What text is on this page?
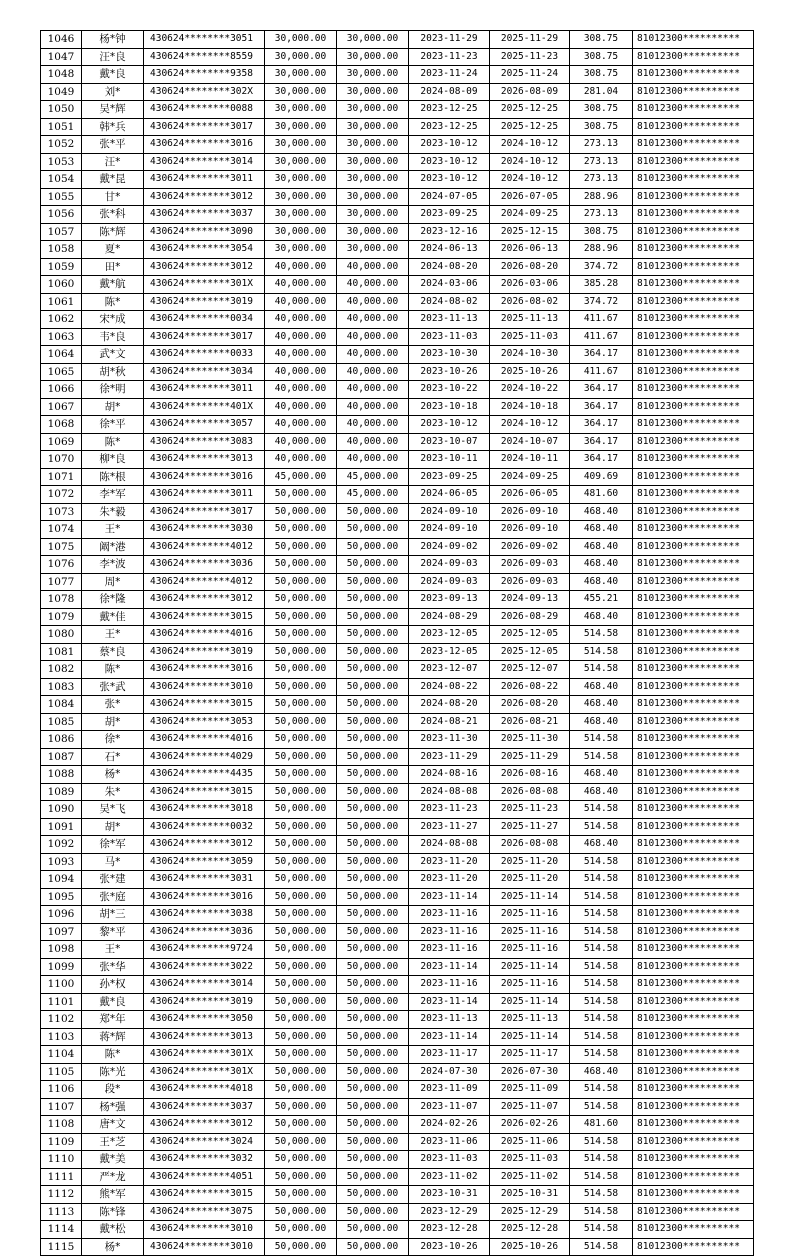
1046	杨*钟	430624********3051	30,000.00	30,000.00	2023-11-29	2025-11-29	308.75	81012300**********
1047	汪*良	430624********8559	30,000.00	30,000.00	2023-11-23	2025-11-23	308.75	81012300**********
1048	戴*良	430624********9358	30,000.00	30,000.00	2023-11-24	2025-11-24	308.75	81012300**********
1049	刘*	430624********302X	30,000.00	30,000.00	2024-08-09	2026-08-09	281.04	81012300**********
1050	吴*辉	430624********0088	30,000.00	30,000.00	2023-12-25	2025-12-25	308.75	81012300**********
1051	韩*兵	430624********3017	30,000.00	30,000.00	2023-12-25	2025-12-25	308.75	81012300**********
1052	张*平	430624********3016	30,000.00	30,000.00	2023-10-12	2024-10-12	273.13	81012300**********
1053	汪*	430624********3014	30,000.00	30,000.00	2023-10-12	2024-10-12	273.13	81012300**********
1054	戴*昆	430624********3011	30,000.00	30,000.00	2023-10-12	2024-10-12	273.13	81012300**********
1055	甘*	430624********3012	30,000.00	30,000.00	2024-07-05	2026-07-05	288.96	81012300**********
1056	张*科	430624********3037	30,000.00	30,000.00	2023-09-25	2024-09-25	273.13	81012300**********
1057	陈*辉	430624********3090	30,000.00	30,000.00	2023-12-16	2025-12-15	308.75	81012300**********
1058	夏*	430624********3054	30,000.00	30,000.00	2024-06-13	2026-06-13	288.96	81012300**********
1059	田*	430624********3012	40,000.00	40,000.00	2024-08-20	2026-08-20	374.72	81012300**********
1060	戴*航	430624********301X	40,000.00	40,000.00	2024-03-06	2026-03-06	385.28	81012300**********
1061	陈*	430624********3019	40,000.00	40,000.00	2024-08-02	2026-08-02	374.72	81012300**********
1062	宋*成	430624********0034	40,000.00	40,000.00	2023-11-13	2025-11-13	411.67	81012300**********
1063	韦*良	430624********3017	40,000.00	40,000.00	2023-11-03	2025-11-03	411.67	81012300**********
1064	武*文	430624********0033	40,000.00	40,000.00	2023-10-30	2024-10-30	364.17	81012300**********
1065	胡*秋	430624********3034	40,000.00	40,000.00	2023-10-26	2025-10-26	411.67	81012300**********
1066	徐*明	430624********3011	40,000.00	40,000.00	2023-10-22	2024-10-22	364.17	81012300**********
1067	胡*	430624********401X	40,000.00	40,000.00	2023-10-18	2024-10-18	364.17	81012300**********
1068	徐*平	430624********3057	40,000.00	40,000.00	2023-10-12	2024-10-12	364.17	81012300**********
1069	陈*	430624********3083	40,000.00	40,000.00	2023-10-07	2024-10-07	364.17	81012300**********
1070	柳*良	430624********3013	40,000.00	40,000.00	2023-10-11	2024-10-11	364.17	81012300**********
1071	陈*根	430624********3016	45,000.00	45,000.00	2023-09-25	2024-09-25	409.69	81012300**********
1072	李*军	430624********3011	50,000.00	45,000.00	2024-06-05	2026-06-05	481.60	81012300**********
1073	朱*毅	430624********3017	50,000.00	50,000.00	2024-09-10	2026-09-10	468.40	81012300**********
1074	王*	430624********3030	50,000.00	50,000.00	2024-09-10	2026-09-10	468.40	81012300**********
1075	阚*港	430624********4012	50,000.00	50,000.00	2024-09-02	2026-09-02	468.40	81012300**********
1076	李*波	430624********3036	50,000.00	50,000.00	2024-09-03	2026-09-03	468.40	81012300**********
1077	周*	430624********4012	50,000.00	50,000.00	2024-09-03	2026-09-03	468.40	81012300**********
1078	徐*隆	430624********3012	50,000.00	50,000.00	2023-09-13	2024-09-13	455.21	81012300**********
1079	戴*佳	430624********3015	50,000.00	50,000.00	2024-08-29	2026-08-29	468.40	81012300**********
1080	王*	430624********4016	50,000.00	50,000.00	2023-12-05	2025-12-05	514.58	81012300**********
1081	蔡*良	430624********3019	50,000.00	50,000.00	2023-12-05	2025-12-05	514.58	81012300**********
1082	陈*	430624********3016	50,000.00	50,000.00	2023-12-07	2025-12-07	514.58	81012300**********
1083	张*武	430624********3010	50,000.00	50,000.00	2024-08-22	2026-08-22	468.40	81012300**********
1084	张*	430624********3015	50,000.00	50,000.00	2024-08-20	2026-08-20	468.40	81012300**********
1085	胡*	430624********3053	50,000.00	50,000.00	2024-08-21	2026-08-21	468.40	81012300**********
1086	徐*	430624********4016	50,000.00	50,000.00	2023-11-30	2025-11-30	514.58	81012300**********
1087	石*	430624********4029	50,000.00	50,000.00	2023-11-29	2025-11-29	514.58	81012300**********
1088	杨*	430624********4435	50,000.00	50,000.00	2024-08-16	2026-08-16	468.40	81012300**********
1089	朱*	430624********3015	50,000.00	50,000.00	2024-08-08	2026-08-08	468.40	81012300**********
1090	吴*飞	430624********3018	50,000.00	50,000.00	2023-11-23	2025-11-23	514.58	81012300**********
1091	胡*	430624********0032	50,000.00	50,000.00	2023-11-27	2025-11-27	514.58	81012300**********
1092	徐*军	430624********3012	50,000.00	50,000.00	2024-08-08	2026-08-08	468.40	81012300**********
1093	马*	430624********3059	50,000.00	50,000.00	2023-11-20	2025-11-20	514.58	81012300**********
1094	张*建	430624********3031	50,000.00	50,000.00	2023-11-20	2025-11-20	514.58	81012300**********
1095	张*庭	430624********3016	50,000.00	50,000.00	2023-11-14	2025-11-14	514.58	81012300**********
1096	胡*三	430624********3038	50,000.00	50,000.00	2023-11-16	2025-11-16	514.58	81012300**********
1097	黎*平	430624********3036	50,000.00	50,000.00	2023-11-16	2025-11-16	514.58	81012300**********
1098	王*	430624********9724	50,000.00	50,000.00	2023-11-16	2025-11-16	514.58	81012300**********
1099	张*华	430624********3022	50,000.00	50,000.00	2023-11-14	2025-11-14	514.58	81012300**********
1100	孙*权	430624********3014	50,000.00	50,000.00	2023-11-16	2025-11-16	514.58	81012300**********
1101	戴*良	430624********3019	50,000.00	50,000.00	2023-11-14	2025-11-14	514.58	81012300**********
1102	郑*年	430624********3050	50,000.00	50,000.00	2023-11-13	2025-11-13	514.58	81012300**********
1103	蒋*辉	430624********3013	50,000.00	50,000.00	2023-11-14	2025-11-14	514.58	81012300**********
1104	陈*	430624********301X	50,000.00	50,000.00	2023-11-17	2025-11-17	514.58	81012300**********
1105	陈*光	430624********301X	50,000.00	50,000.00	2024-07-30	2026-07-30	468.40	81012300**********
1106	段*	430624********4018	50,000.00	50,000.00	2023-11-09	2025-11-09	514.58	81012300**********
1107	杨*强	430624********3037	50,000.00	50,000.00	2023-11-07	2025-11-07	514.58	81012300**********
1108	唐*文	430624********3012	50,000.00	50,000.00	2024-02-26	2026-02-26	481.60	81012300**********
1109	王*芝	430624********3024	50,000.00	50,000.00	2023-11-06	2025-11-06	514.58	81012300**********
1110	戴*美	430624********3032	50,000.00	50,000.00	2023-11-03	2025-11-03	514.58	81012300**********
1111	严*龙	430624********4051	50,000.00	50,000.00	2023-11-02	2025-11-02	514.58	81012300**********
1112	熊*军	430624********3015	50,000.00	50,000.00	2023-10-31	2025-10-31	514.58	81012300**********
1113	陈*锋	430624********3075	50,000.00	50,000.00	2023-12-29	2025-12-29	514.58	81012300**********
1114	戴*松	430624********3010	50,000.00	50,000.00	2023-12-28	2025-12-28	514.58	81012300**********
1115	杨*	430624********3010	50,000.00	50,000.00	2023-10-26	2025-10-26	514.58	81012300**********
